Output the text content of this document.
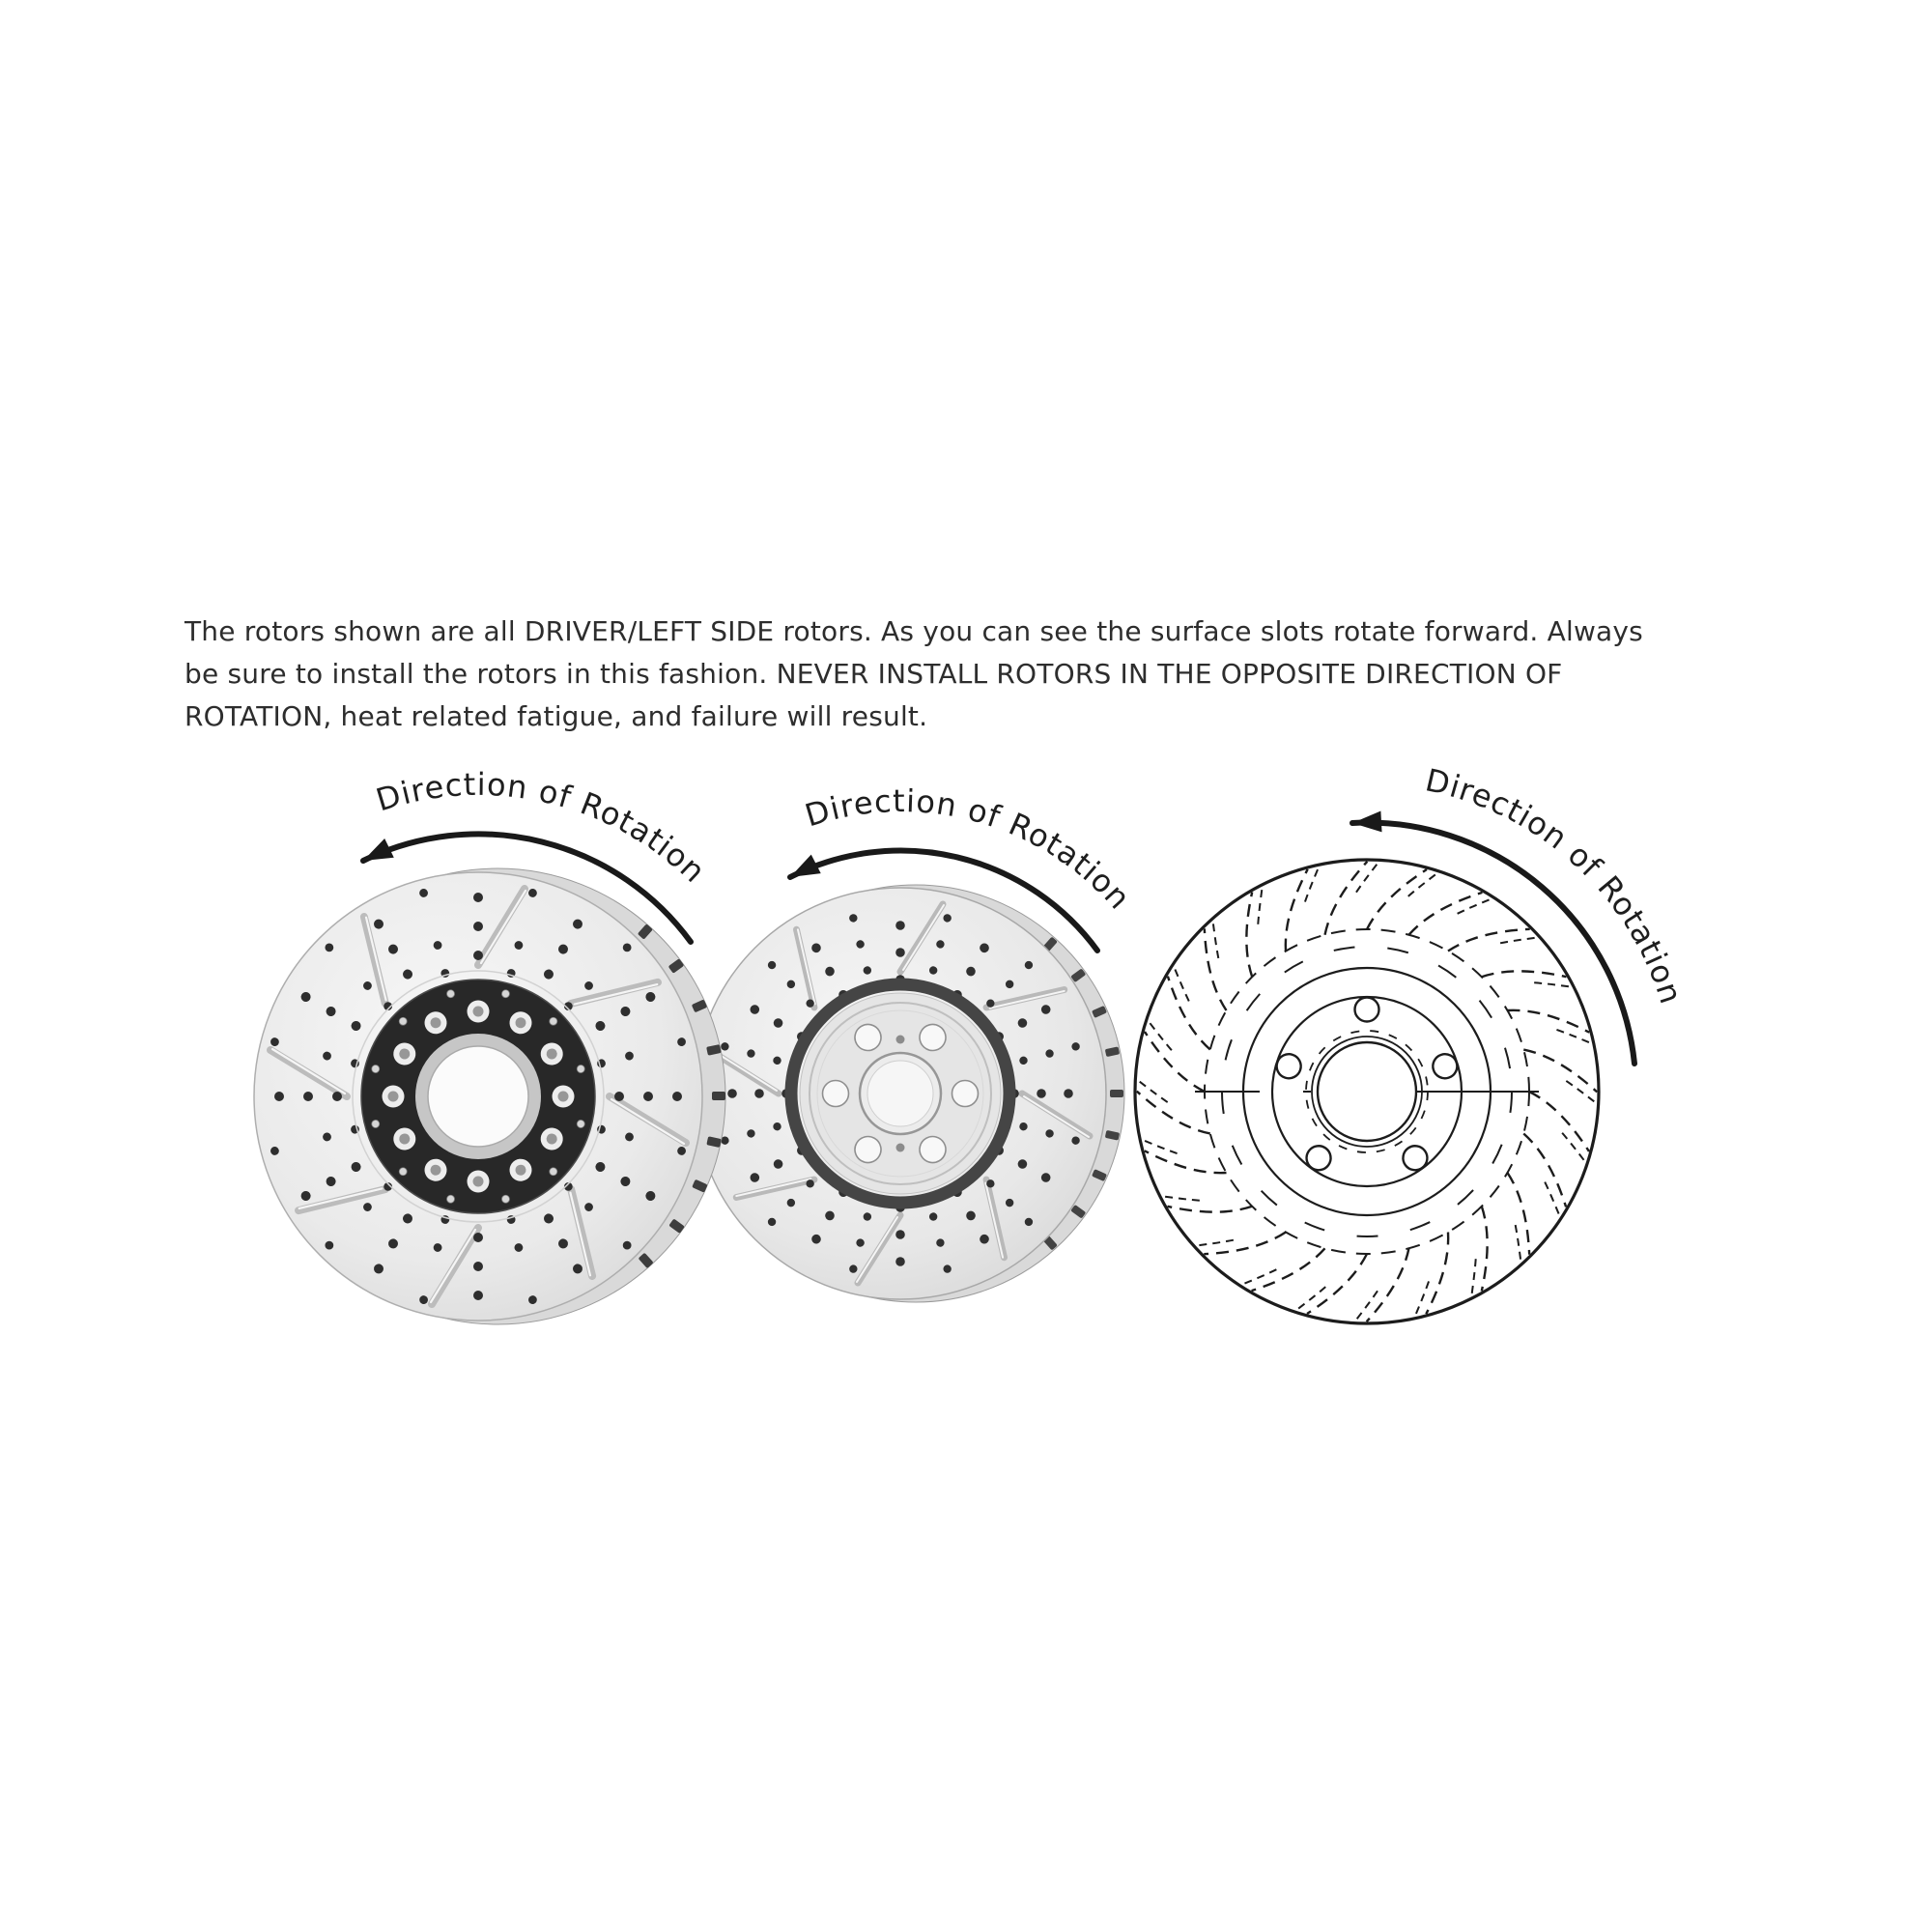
The rotors shown are all DRIVER/LEFT SIDE rotors. As you can see the surface slots rotate forward. Always
be sure to install the rotors in this fashion. NEVER INSTALL ROTORS IN THE OPPOSITE DIRECTION OF
ROTATION, heat related fatigue, and failure will result.

Direction of Rotation
Direction of Rotation
Direction of Rotation
